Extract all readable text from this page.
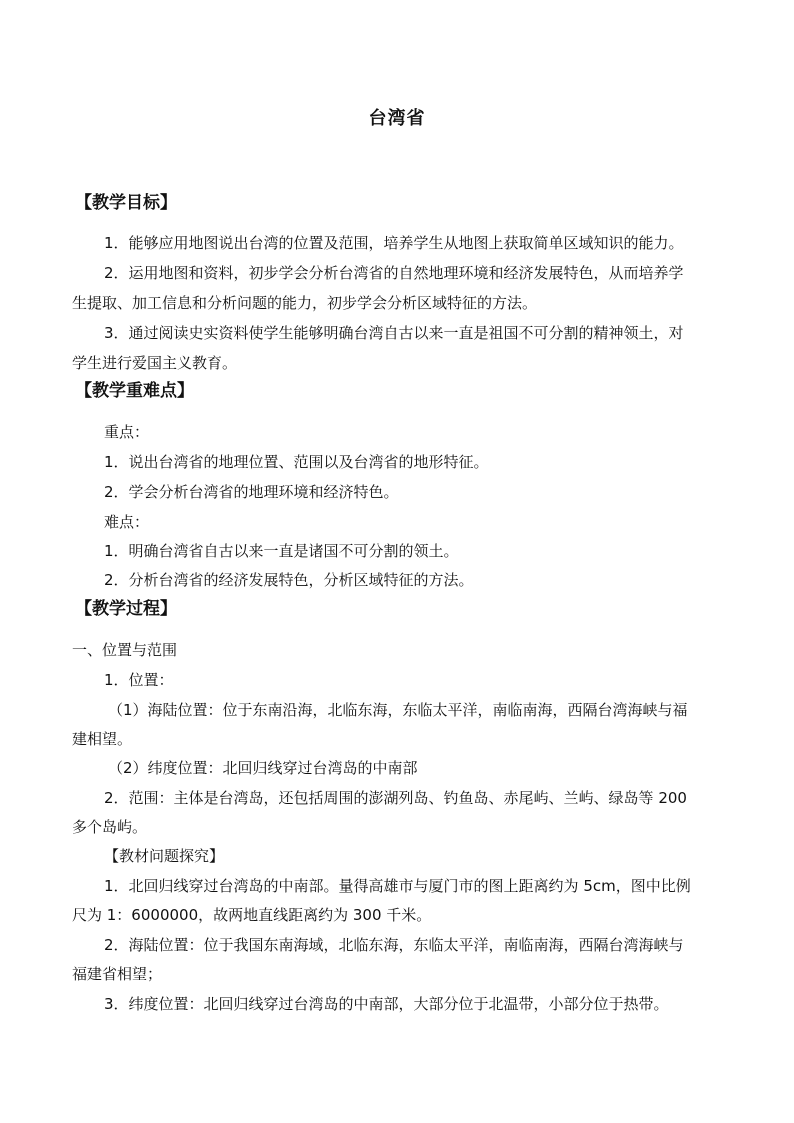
台湾省
【教学目标】
1．能够应用地图说出台湾的位置及范围，培养学生从地图上获取简单区域知识的能力。
2．运用地图和资料，初步学会分析台湾省的自然地理环境和经济发展特色，从而培养学
生提取、加工信息和分析问题的能力，初步学会分析区域特征的方法。
3．通过阅读史实资料使学生能够明确台湾自古以来一直是祖国不可分割的精神领土，对
学生进行爱国主义教育。
【教学重难点】
重点：
1．说出台湾省的地理位置、范围以及台湾省的地形特征。
2．学会分析台湾省的地理环境和经济特色。
难点：
1．明确台湾省自古以来一直是诸国不可分割的领土。
2．分析台湾省的经济发展特色，分析区域特征的方法。
【教学过程】
一、位置与范围
1．位置：
（1）海陆位置：位于东南沿海，北临东海，东临太平洋，南临南海，西隔台湾海峡与福
建相望。
（2）纬度位置：北回归线穿过台湾岛的中南部
2．范围：主体是台湾岛，还包括周围的澎湖列岛、钓鱼岛、赤尾屿、兰屿、绿岛等 200
多个岛屿。
【教材问题探究】
1．北回归线穿过台湾岛的中南部。量得高雄市与厦门市的图上距离约为 5cm，图中比例
尺为 1：6000000，故两地直线距离约为 300 千米。
2．海陆位置：位于我国东南海域，北临东海，东临太平洋，南临南海，西隔台湾海峡与
福建省相望；
3．纬度位置：北回归线穿过台湾岛的中南部，大部分位于北温带，小部分位于热带。
